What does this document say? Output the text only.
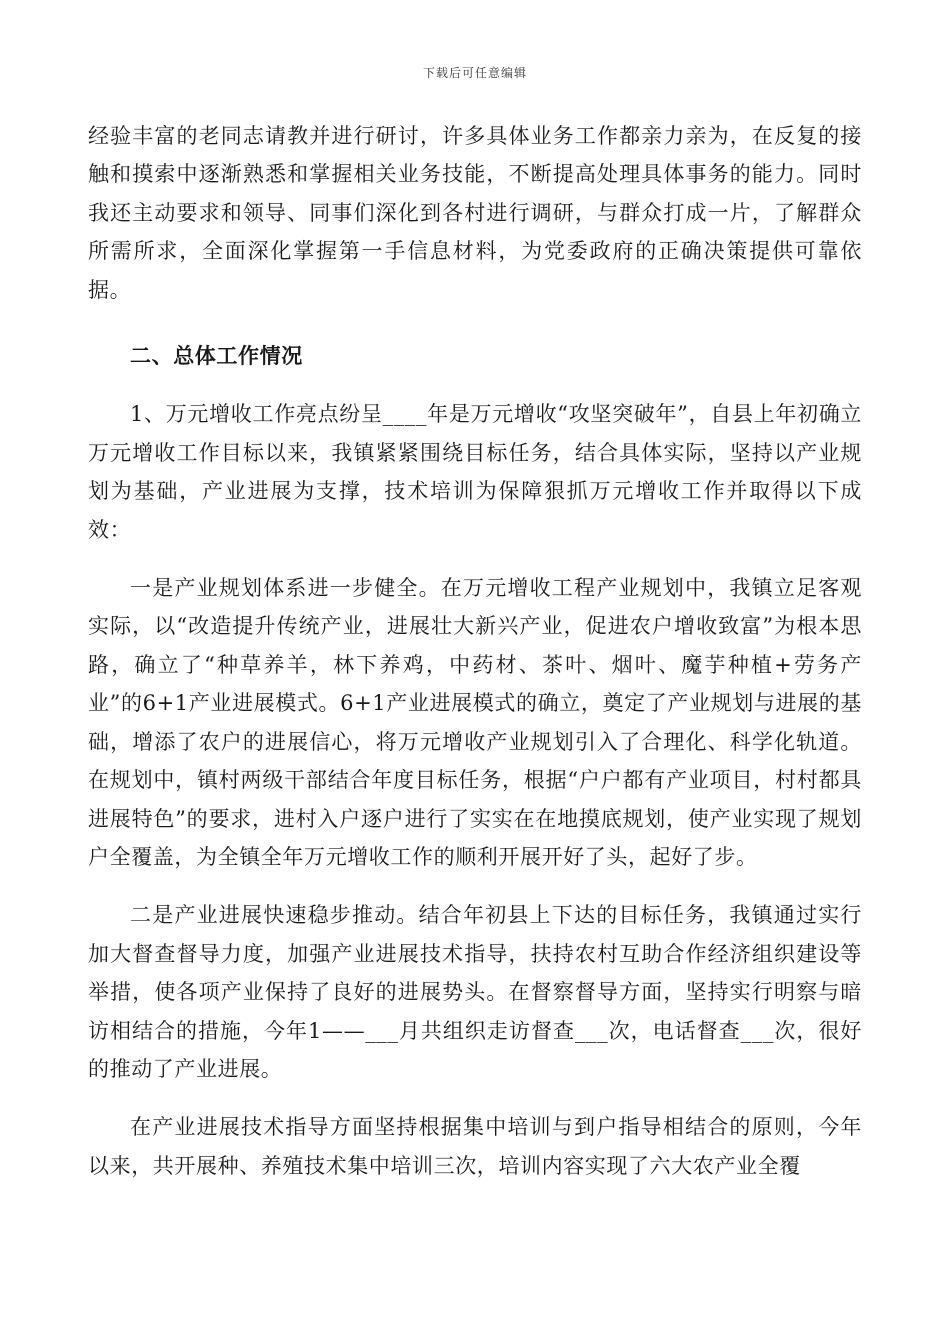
下载后可任意编辑

经验丰富的老同志请教并进行研讨，许多具体业务工作都亲力亲为，在反复的接触和摸索中逐渐熟悉和掌握相关业务技能，不断提高处理具体事务的能力。同时我还主动要求和领导、同事们深化到各村进行调研，与群众打成一片，了解群众所需所求，全面深化掌握第一手信息材料，为党委政府的正确决策提供可靠依据。

二、总体工作情况

1、万元增收工作亮点纷呈____年是万元增收“攻坚突破年”，自县上年初确立万元增收工作目标以来，我镇紧紧围绕目标任务，结合具体实际，坚持以产业规划为基础，产业进展为支撑，技术培训为保障狠抓万元增收工作并取得以下成效：

一是产业规划体系进一步健全。在万元增收工程产业规划中，我镇立足客观实际，以“改造提升传统产业，进展壮大新兴产业，促进农户增收致富”为根本思路，确立了“种草养羊，林下养鸡，中药材、茶叶、烟叶、魔芋种植+劳务产业”的6+1产业进展模式。6+1产业进展模式的确立，奠定了产业规划与进展的基础，增添了农户的进展信心，将万元增收产业规划引入了合理化、科学化轨道。在规划中，镇村两级干部结合年度目标任务，根据“户户都有产业项目，村村都具进展特色”的要求，进村入户逐户进行了实实在在地摸底规划，使产业实现了规划户全覆盖，为全镇全年万元增收工作的顺利开展开好了头，起好了步。

二是产业进展快速稳步推动。结合年初县上下达的目标任务，我镇通过实行加大督查督导力度，加强产业进展技术指导，扶持农村互助合作经济组织建设等举措，使各项产业保持了良好的进展势头。在督察督导方面，坚持实行明察与暗访相结合的措施，今年1——___月共组织走访督查___次，电话督查___次，很好的推动了产业进展。

在产业进展技术指导方面坚持根据集中培训与到户指导相结合的原则，今年以来，共开展种、养殖技术集中培训三次，培训内容实现了六大农产业全覆
